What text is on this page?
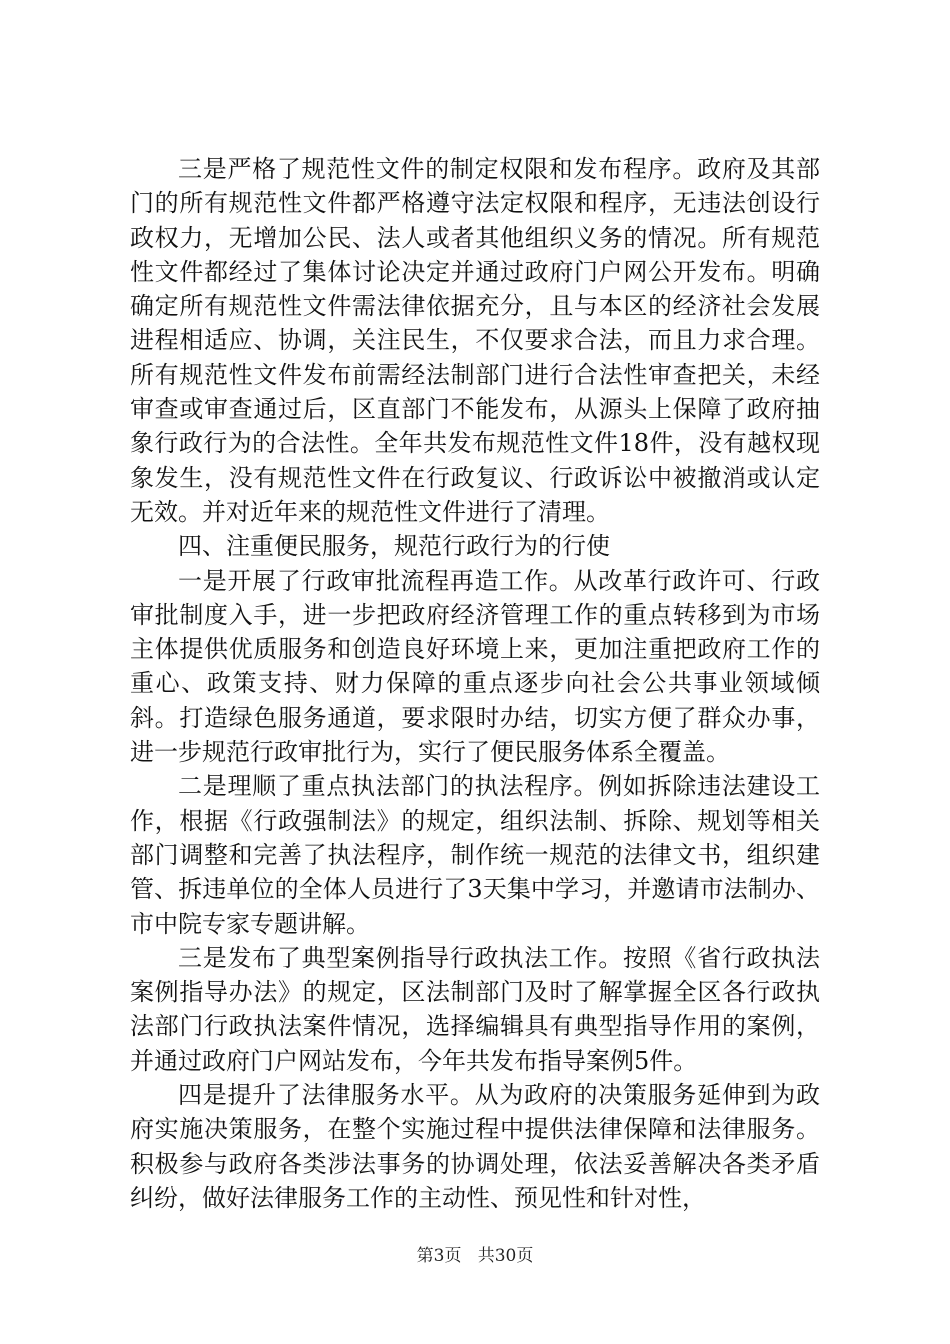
三是严格了规范性文件的制定权限和发布程序。政府及其部门的所有规范性文件都严格遵守法定权限和程序，无违法创设行政权力，无增加公民、法人或者其他组织义务的情况。所有规范性文件都经过了集体讨论决定并通过政府门户网公开发布。明确确定所有规范性文件需法律依据充分，且与本区的经济社会发展进程相适应、协调，关注民生，不仅要求合法，而且力求合理。所有规范性文件发布前需经法制部门进行合法性审查把关，未经审查或审查通过后，区直部门不能发布，从源头上保障了政府抽象行政行为的合法性。全年共发布规范性文件18件，没有越权现象发生，没有规范性文件在行政复议、行政诉讼中被撤消或认定无效。并对近年来的规范性文件进行了清理。

四、注重便民服务，规范行政行为的行使

一是开展了行政审批流程再造工作。从改革行政许可、行政审批制度入手，进一步把政府经济管理工作的重点转移到为市场主体提供优质服务和创造良好环境上来，更加注重把政府工作的重心、政策支持、财力保障的重点逐步向社会公共事业领域倾斜。打造绿色服务通道，要求限时办结，切实方便了群众办事，进一步规范行政审批行为，实行了便民服务体系全覆盖。

二是理顺了重点执法部门的执法程序。例如拆除违法建设工作，根据《行政强制法》的规定，组织法制、拆除、规划等相关部门调整和完善了执法程序，制作统一规范的法律文书，组织建管、拆违单位的全体人员进行了3天集中学习，并邀请市法制办、市中院专家专题讲解。

三是发布了典型案例指导行政执法工作。按照《省行政执法案例指导办法》的规定，区法制部门及时了解掌握全区各行政执法部门行政执法案件情况，选择编辑具有典型指导作用的案例，并通过政府门户网站发布，今年共发布指导案例5件。

四是提升了法律服务水平。从为政府的决策服务延伸到为政府实施决策服务，在整个实施过程中提供法律保障和法律服务。积极参与政府各类涉法事务的协调处理，依法妥善解决各类矛盾纠纷，做好法律服务工作的主动性、预见性和针对性，

第3页 共30页
